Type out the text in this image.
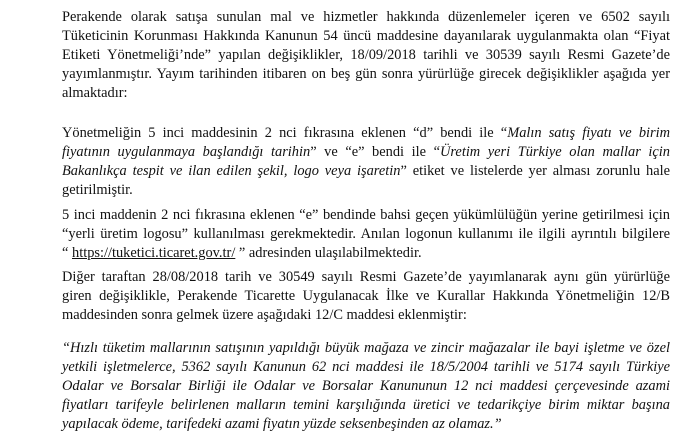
Perakende olarak satışa sunulan mal ve hizmetler hakkında düzenlemeler içeren ve 6502 sayılı
Tüketicinin Korunması Hakkında Kanunun 54 üncü maddesine dayanılarak uygulanmakta olan “Fiyat
Etiketi Yönetmeliği’nde” yapılan değişiklikler, 18/09/2018 tarihli ve 30539 sayılı Resmi Gazete’de
yayımlanmıştır. Yayım tarihinden itibaren on beş gün sonra yürürlüğe girecek değişiklikler aşağıda yer
almaktadır:
Yönetmeliğin 5 inci maddesinin 2 nci fıkrasına eklenen “d” bendi ile “Malın satış fiyatı ve birim
fiyatının uygulanmaya başlandığı tarihin” ve “e” bendi ile “Üretim yeri Türkiye olan mallar için
Bakanlıkça tespit ve ilan edilen şekil, logo veya işaretin” etiket ve listelerde yer alması zorunlu hale
getirilmiştir.
5 inci maddenin 2 nci fıkrasına eklenen “e” bendinde bahsi geçen yükümlülüğün yerine getirilmesi için
“yerli üretim logosu” kullanılması gerekmektedir. Anılan logonun kullanımı ile ilgili ayrıntılı bilgilere
“ https://tuketici.ticaret.gov.tr/ ” adresinden ulaşılabilmektedir.
Diğer taraftan 28/08/2018 tarih ve 30549 sayılı Resmi Gazete’de yayımlanarak aynı gün yürürlüğe
giren değişiklikle, Perakende Ticarette Uygulanacak İlke ve Kurallar Hakkında Yönetmeliğin 12/B
maddesinden sonra gelmek üzere aşağıdaki 12/C maddesi eklenmiştir:
“Hızlı tüketim mallarının satışının yapıldığı büyük mağaza ve zincir mağazalar ile bayi işletme ve özel
yetkili işletmelerce, 5362 sayılı Kanunun 62 nci maddesi ile 18/5/2004 tarihli ve 5174 sayılı Türkiye
Odalar ve Borsalar Birliği ile Odalar ve Borsalar Kanununun 12 nci maddesi çerçevesinde azami
fiyatları tarifeyle belirlenen malların temini karşılığında üretici ve tedarikçiye birim miktar başına
yapılacak ödeme, tarifedeki azami fiyatın yüzde seksenbeşinden az olamaz.”
